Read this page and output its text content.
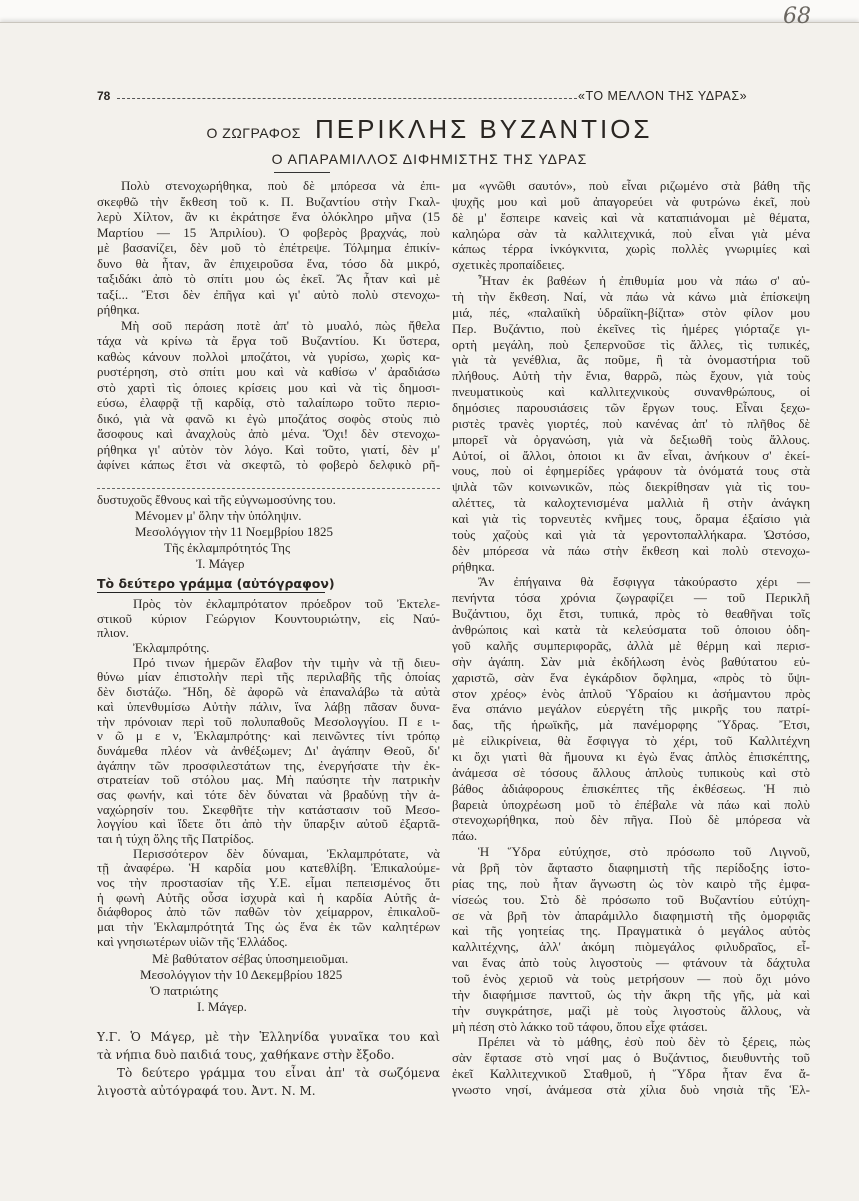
68
78	«ΤΟ ΜΕΛΛΟΝ ΤΗΣ ΥΔΡΑΣ»
Ο ΖΩΓΡΑΦΟΣ ΠΕΡΙΚΛΗΣ ΒΥΖΑΝΤΙΟΣ
Ο ΑΠΑΡΑΜΙΛΛΟΣ ΔΙΦΗΜΙΣΤΗΣ ΤΗΣ ΥΔΡΑΣ
Πολὺ στενοχωρήθηκα, ποὺ δὲ μπόρεσα νὰ ἐπι-
σκεφθῶ τὴν ἔκθεση τοῦ κ. Π. Βυζαντίου στὴν Γκαλ-
λερὺ Χίλτον, ἂν κι ἐκράτησε ἕνα ὁλόκληρο μῆνα (15
Μαρτίου — 15 Ἀπριλίου). Ὁ φοβερὸς βραχνάς, ποὺ
μὲ βασανίζει, δὲν μοῦ τὸ ἐπέτρεψε. Τόλμημα ἐπικίν-
δυνο θὰ ἦταν, ἂν ἐπιχειροῦσα ἕνα, τόσο δὰ μικρό,
ταξιδάκι ἀπὸ τὸ σπίτι μου ὡς ἐκεῖ. Ἄς ἦταν καὶ μὲ
ταξί... Ἔτσι δὲν ἐπῆγα καὶ γι' αὐτὸ πολὺ στενοχω-
ρήθηκα.
Μὴ σοῦ περάση ποτὲ ἀπ' τὸ μυαλό, πὼς ἤθελα
τάχα νὰ κρίνω τὰ ἔργα τοῦ Βυζαντίου. Κι ὕστερα,
καθὼς κάνουν πολλοὶ μποζάτοι, νὰ γυρίσω, χωρὶς κα-
ρυστέρηση, στὸ σπίτι μου καὶ νὰ καθίσω ν' ἀραδιάσω
στὸ χαρτὶ τὶς ὁποιες κρίσεις μου καὶ νὰ τὶς δημοσι-
εύσω, ἐλαφρᾷ τῇ καρδίᾳ, στὸ ταλαίπωρο τοῦτο περιο-
δικό, γιὰ νὰ φανῶ κι ἐγὼ μποζάτος σοφὸς στοὺς πιὸ
ἄσοφους καὶ ἀναχλοὺς ἀπὸ μένα. Ὄχι! δὲν στενοχω-
ρήθηκα γι' αὐτὸν τὸν λόγο. Καὶ τοῦτο, γιατί, δὲν μ'
ἀφίνει κάπως ἔτσι νὰ σκεφτῶ, τὸ φοβερὸ δελφικὸ ρῆ-
δυστυχοῦς ἔθνους καὶ τῆς εὐγνωμοσύνης του.
Μένομεν μ' ὅλην τὴν ὑπόληψιν.
Μεσολόγγιον τὴν 11 Νοεμβρίου 1825
Τῆς ἐκλαμπρότητός Της
Ἰ. Μάγερ
Τὸ δεύτερο γράμμα (αὐτόγραφον)
Πρὸς τὸν ἐκλαμπρότατον πρόεδρον τοῦ Ἐκτελε-
στικοῦ κύριον Γεώργιον Κουντουριώτην, εἰς Ναύ-
πλιον.
Ἐκλαμπρότης.
Πρό τινων ἡμερῶν ἔλαβον τὴν τιμὴν νὰ τῇ διευ-
θύνω μίαν ἐπιστολὴν περὶ τῆς περιλαβῆς τῆς ὁποίας
δὲν διστάζω. Ἤδη, δὲ ἀφορῶ νὰ ἐπαναλάβω τὰ αὐτὰ
καὶ ὑπενθυμίσω Αὐτὴν πάλιν, ἵνα λάβῃ πᾶσαν δυνα-
τὴν πρόνοιαν περὶ τοῦ πολυπαθοῦς Μεσολογγίου. Π ε ι-
ν ῶ μ ε ν, Ἐκλαμπρότης· καὶ πεινῶντες τίνι τρόπῳ
δυνάμεθα πλέον νὰ ἀνθέξωμεν; Δι' ἀγάπην Θεοῦ, δι'
ἀγάπην τῶν προσφιλεστάτων της, ἐνεργήσατε τὴν ἐκ-
στρατείαν τοῦ στόλου μας. Μὴ παύσητε τὴν πατρικὴν
σας φωνήν, καὶ τότε δὲν δύναται νὰ βραδύνῃ τὴν ἀ-
ναχώρησίν του. Σκεφθῆτε τὴν κατάστασιν τοῦ Μεσο-
λογγίου καὶ ἴδετε ὅτι ἀπὸ τὴν ὕπαρξιν αὐτοῦ ἐξαρτᾶ-
ται ἡ τύχη ὅλης τῆς Πατρίδος.
Περισσότερον δὲν δύναμαι, Ἐκλαμπρότατε, νὰ
τῇ ἀναφέρω. Ἡ καρδία μου κατεθλίβη. Ἐπικαλούμε-
νος τὴν προστασίαν τῆς Υ.Ε. εἶμαι πεπεισμένος ὅτι
ἡ φωνὴ Αὐτῆς οὖσα ἰσχυρὰ καὶ ἡ καρδία Αὐτῆς ἀ-
διάφθορος ἀπὸ τῶν παθῶν τὸν χείμαρρον, ἐπικαλοῦ-
μαι τὴν Ἐκλαμπρότητά Της ὡς ἕνα ἐκ τῶν καλητέρων
καὶ γνησιωτέρων υἱῶν τῆς Ἑλλάδος.
Μὲ βαθύτατον σέβας ὑποσημειοῦμαι.
Μεσολόγγιον τὴν 10 Δεκεμβρίου 1825
Ὁ πατριώτης
Ι. Μάγερ.
Υ.Γ. Ὁ Μάγερ, μὲ τὴν Ἑλληνίδα γυναῖκα του καὶ
τὰ νήπια δυὸ παιδιά τους, χαθήκανε στὴν ἔξοδο.
Τὸ δεύτερο γράμμα του εἶναι ἀπ' τὰ σωζόμενα
λιγοστὰ αὐτόγραφά του. Ἀντ. Ν. Μ.
μα «γνῶθι σαυτόν», ποὺ εἶναι ριζωμένο στὰ βάθη τῆς
ψυχῆς μου καὶ μοῦ ἀπαγορεύει νὰ φυτρώνω ἐκεῖ, ποὺ
δὲ μ' ἔσπειρε κανεὶς καὶ νὰ καταπιάνομαι μὲ θέματα,
καληώρα σὰν τὰ καλλιτεχνικά, ποὺ εἶναι γιὰ μένα
κάπως τέρρα ἰνκόγκνιτα, χωρὶς πολλὲς γνωριμίες καὶ
σχετικὲς προπαίδειες.
Ἦταν ἐκ βαθέων ἡ ἐπιθυμία μου νὰ πάω σ' αὐ-
τὴ τὴν ἔκθεση. Ναί, νὰ πάω νὰ κάνω μιὰ ἐπίσκεψη
μιά, πές, «παλαιϊκὴ ὑδραίϊκη-βίζιτα» στὸν φίλον μου
Περ. Βυζάντιο, ποὺ ἐκεῖνες τὶς ἡμέρες γιόρταζε γι-
ορτὴ μεγάλη, ποὺ ξεπερνοῦσε τὶς ἄλλες, τὶς τυπικές,
γιὰ τὰ γενέθλια, ἂς ποῦμε, ἢ τὰ ὀνομαστήρια τοῦ
πλήθους. Αὐτὴ τὴν ἔνια, θαρρῶ, πὼς ἔχουν, γιὰ τοὺς
πνευματικοὺς καὶ καλλιτεχνικοὺς συνανθρώπους, οἱ
δημόσιες παρουσιάσεις τῶν ἔργων τους. Εἶναι ξεχω-
ριστὲς τρανὲς γιορτές, ποὺ κανένας ἀπ' τὸ πλῆθος δὲ
μπορεῖ νὰ ὀργανώση, γιὰ νὰ δεξιωθῆ τοὺς ἄλλους.
Αὐτοί, οἱ ἄλλοι, ὁποιοι κι ἂν εἶναι, ἀνήκουν σ' ἐκεί-
νους, ποὺ οἱ ἐφημερίδες γράφουν τὰ ὀνόματά τους στὰ
ψιλὰ τῶν κοινωνικῶν, πὼς διεκρίθησαν γιὰ τὶς του-
αλέττες, τὰ καλοχτενισμένα μαλλιὰ ἢ στὴν ἀνάγκη
καὶ γιὰ τὶς τορνευτὲς κνῆμες τους, ὅραμα ἐξαίσιο γιὰ
τοὺς χαζοὺς καὶ γιὰ τὰ γεροντοπαλλήκαρα. Ὡστόσο,
δὲν μπόρεσα νὰ πάω στὴν ἔκθεση καὶ πολὺ στενοχω-
ρήθηκα.
Ἂν ἐπήγαινα θὰ ἔσφιγγα τἀκούραστο χέρι —
πενήντα τόσα χρόνια ζωγραφίζει — τοῦ Περικλῆ
Βυζάντιου, ὄχι ἔτσι, τυπικά, πρὸς τὸ θεαθῆναι τοῖς
ἀνθρώποις καὶ κατὰ τὰ κελεύσματα τοῦ ὁποιου ὁδη-
γοῦ καλῆς συμπεριφορᾶς, ἀλλὰ μὲ θέρμη καὶ περισ-
σὴν ἀγάπη. Σὰν μιὰ ἐκδήλωση ἑνὸς βαθύτατου εὐ-
χαριστῶ, σὰν ἕνα ἐγκάρδιον ὄφλημα, «πρὸς τὸ ὕψι-
στον χρέος» ἑνὸς ἁπλοῦ Ὑδραίου κι ἀσήμαντου πρὸς
ἕνα σπάνιο μεγάλον εὐεργέτη τῆς μικρῆς του πατρί-
δας, τῆς ἡρωϊκῆς, μὰ πανέμορφης Ὕδρας. Ἔτσι,
μὲ εἰλικρίνεια, θὰ ἔσφιγγα τὸ χέρι, τοῦ Καλλιτέχνη
κι ὄχι γιατὶ θὰ ἤμουνα κι ἐγὼ ἕνας ἁπλὸς ἐπισκέπτης,
ἀνάμεσα σὲ τόσους ἄλλους ἁπλοὺς τυπικοὺς καὶ στὸ
βάθος ἀδιάφορους ἐπισκέπτες τῆς ἐκθέσεως. Ἡ πιὸ
βαρειὰ ὑποχρέωση μοῦ τὸ ἐπέβαλε νὰ πάω καὶ πολὺ
στενοχωρήθηκα, ποὺ δὲν πῆγα. Ποὺ δὲ μπόρεσα νὰ
πάω.
Ἡ Ὕδρα εὐτύχησε, στὸ πρόσωπο τοῦ Λιγνοῦ,
νὰ βρῆ τὸν ἄφταστο διαφημιστὴ τῆς περίδοξης ἱστο-
ρίας της, ποὺ ἦταν ἄγνωστη ὡς τὸν καιρὸ τῆς ἐμφα-
νίσεώς του. Στὸ δὲ πρόσωπο τοῦ Βυζαντίου εὐτύχη-
σε νὰ βρῆ τὸν ἀπαράμιλλο διαφημιστὴ τῆς ὀμορφιᾶς
καὶ τῆς γοητείας της. Πραγματικὰ ὁ μεγάλος αὐτὸς
καλλιτέχνης, ἀλλ' ἀκόμη πιὸμεγάλος φιλυδραῖος, εἶ-
ναι ἕνας ἀπὸ τοὺς λιγοστοὺς — φτάνουν τὰ δάχτυλα
τοῦ ἑνὸς χεριοῦ νὰ τοὺς μετρήσουν — ποὺ ὄχι μόνο
τὴν διαφήμισε πανττοῦ, ὡς τὴν ἄκρη τῆς γῆς, μὰ καὶ
τὴν συγκράτησε, μαζὶ μὲ τοὺς λιγοστοὺς ἄλλους, νὰ
μὴ πέση στὸ λάκκο τοῦ τάφου, ὅπου εἶχε φτάσει.
Πρέπει νὰ τὸ μάθης, ἐσὺ ποὺ δὲν τὸ ξέρεις, πὼς
σὰν ἔφτασε στὸ νησί μας ὁ Βυζάντιος, διευθυντὴς τοῦ
ἐκεῖ Καλλιτεχνικοῦ Σταθμοῦ, ἡ Ὕδρα ἦταν ἕνα ἄ-
γνωστο νησί, ἀνάμεσα στὰ χίλια δυὸ νησιὰ τῆς Ἑλ-
